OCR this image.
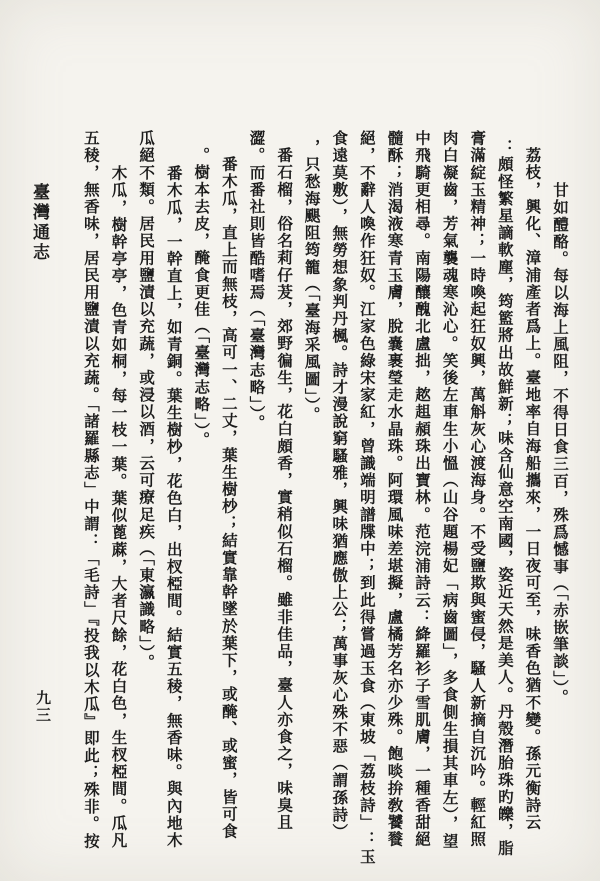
臺灣通志	甘如醴酪。每以海上風阻，不得日食三百，殊爲憾事（「赤嵌筆談」）。
荔枝，興化、漳浦產者爲上。臺地率自海船攜來，一日夜可至，味香色猶不變。孫元衡詩云
：頗怪繁星謫軟塵，筠籃將出故鮮新；味含仙意空南國，姿近天然是美人。丹殼潛胎珠旳皪，脂
膏滿綻玉精神；一時喚起狂奴興，萬斛灰心渡海身。不受鹽欺與蜜侵，騷人新摘自沉吟。輕紅照
肉白凝齒，芳氣襲魂寒沁心。笑後左車生小慍（山谷題楊妃「病齒圖」，多食側生損其車左），望
中飛騎更相尋。南陽釀醜北盧拙，趑趄頳珠出寶林。范浣浦詩云：絳羅衫子雪肌膚，一種香甜絕
髓酥；消渴液寒青玉膚，脫嚢裹瑩走水晶珠。阿環風味差堪擬，盧橘芳名亦少殊。飽啖拚敎饕餮
絕，不辭人喚作狂奴。江家色綠宋家紅，曾識端明譜牒中；到此得嘗過玉食（東坡「荔枝詩」：玉
食遠莫敷），無勞想象判丹楓。詩才漫說窮騷雅，興味猶應傲上公；萬事灰心殊不惡（謂孫詩）
，只愁海颶阻筠籠（「臺海采風圖」）。
番石榴，俗名莉仔茇，郊野徧生，花白頗香，實稍似石榴。雖非佳品，臺人亦食之，味臭且
澀。而番社則皆酷嗜焉（「臺灣志略」）。
番木瓜，直上而無枝，高可一、二丈，葉生樹杪；結實靠幹墜於葉下，或醃、或蜜，皆可食
。樹本去皮，醃食更佳（「臺灣志略」）。
番木瓜，一幹直上，如青銅。葉生樹杪，花色白，出杈椏間。結實五稜，無香味。與內地木
瓜絕不類。居民用鹽漬以充蔬，或浸以酒，云可療足疾（「東瀛識略」）。
木瓜，樹幹亭亭，色青如桐，每一枝一葉。葉似蓖蔴，大者尺餘，花白色，生杈椏間。瓜凡
五稜，無香味，居民用鹽漬以充蔬。「諸羅縣志」中謂：「毛詩」『投我以木瓜』即此；殊非。按
九三
